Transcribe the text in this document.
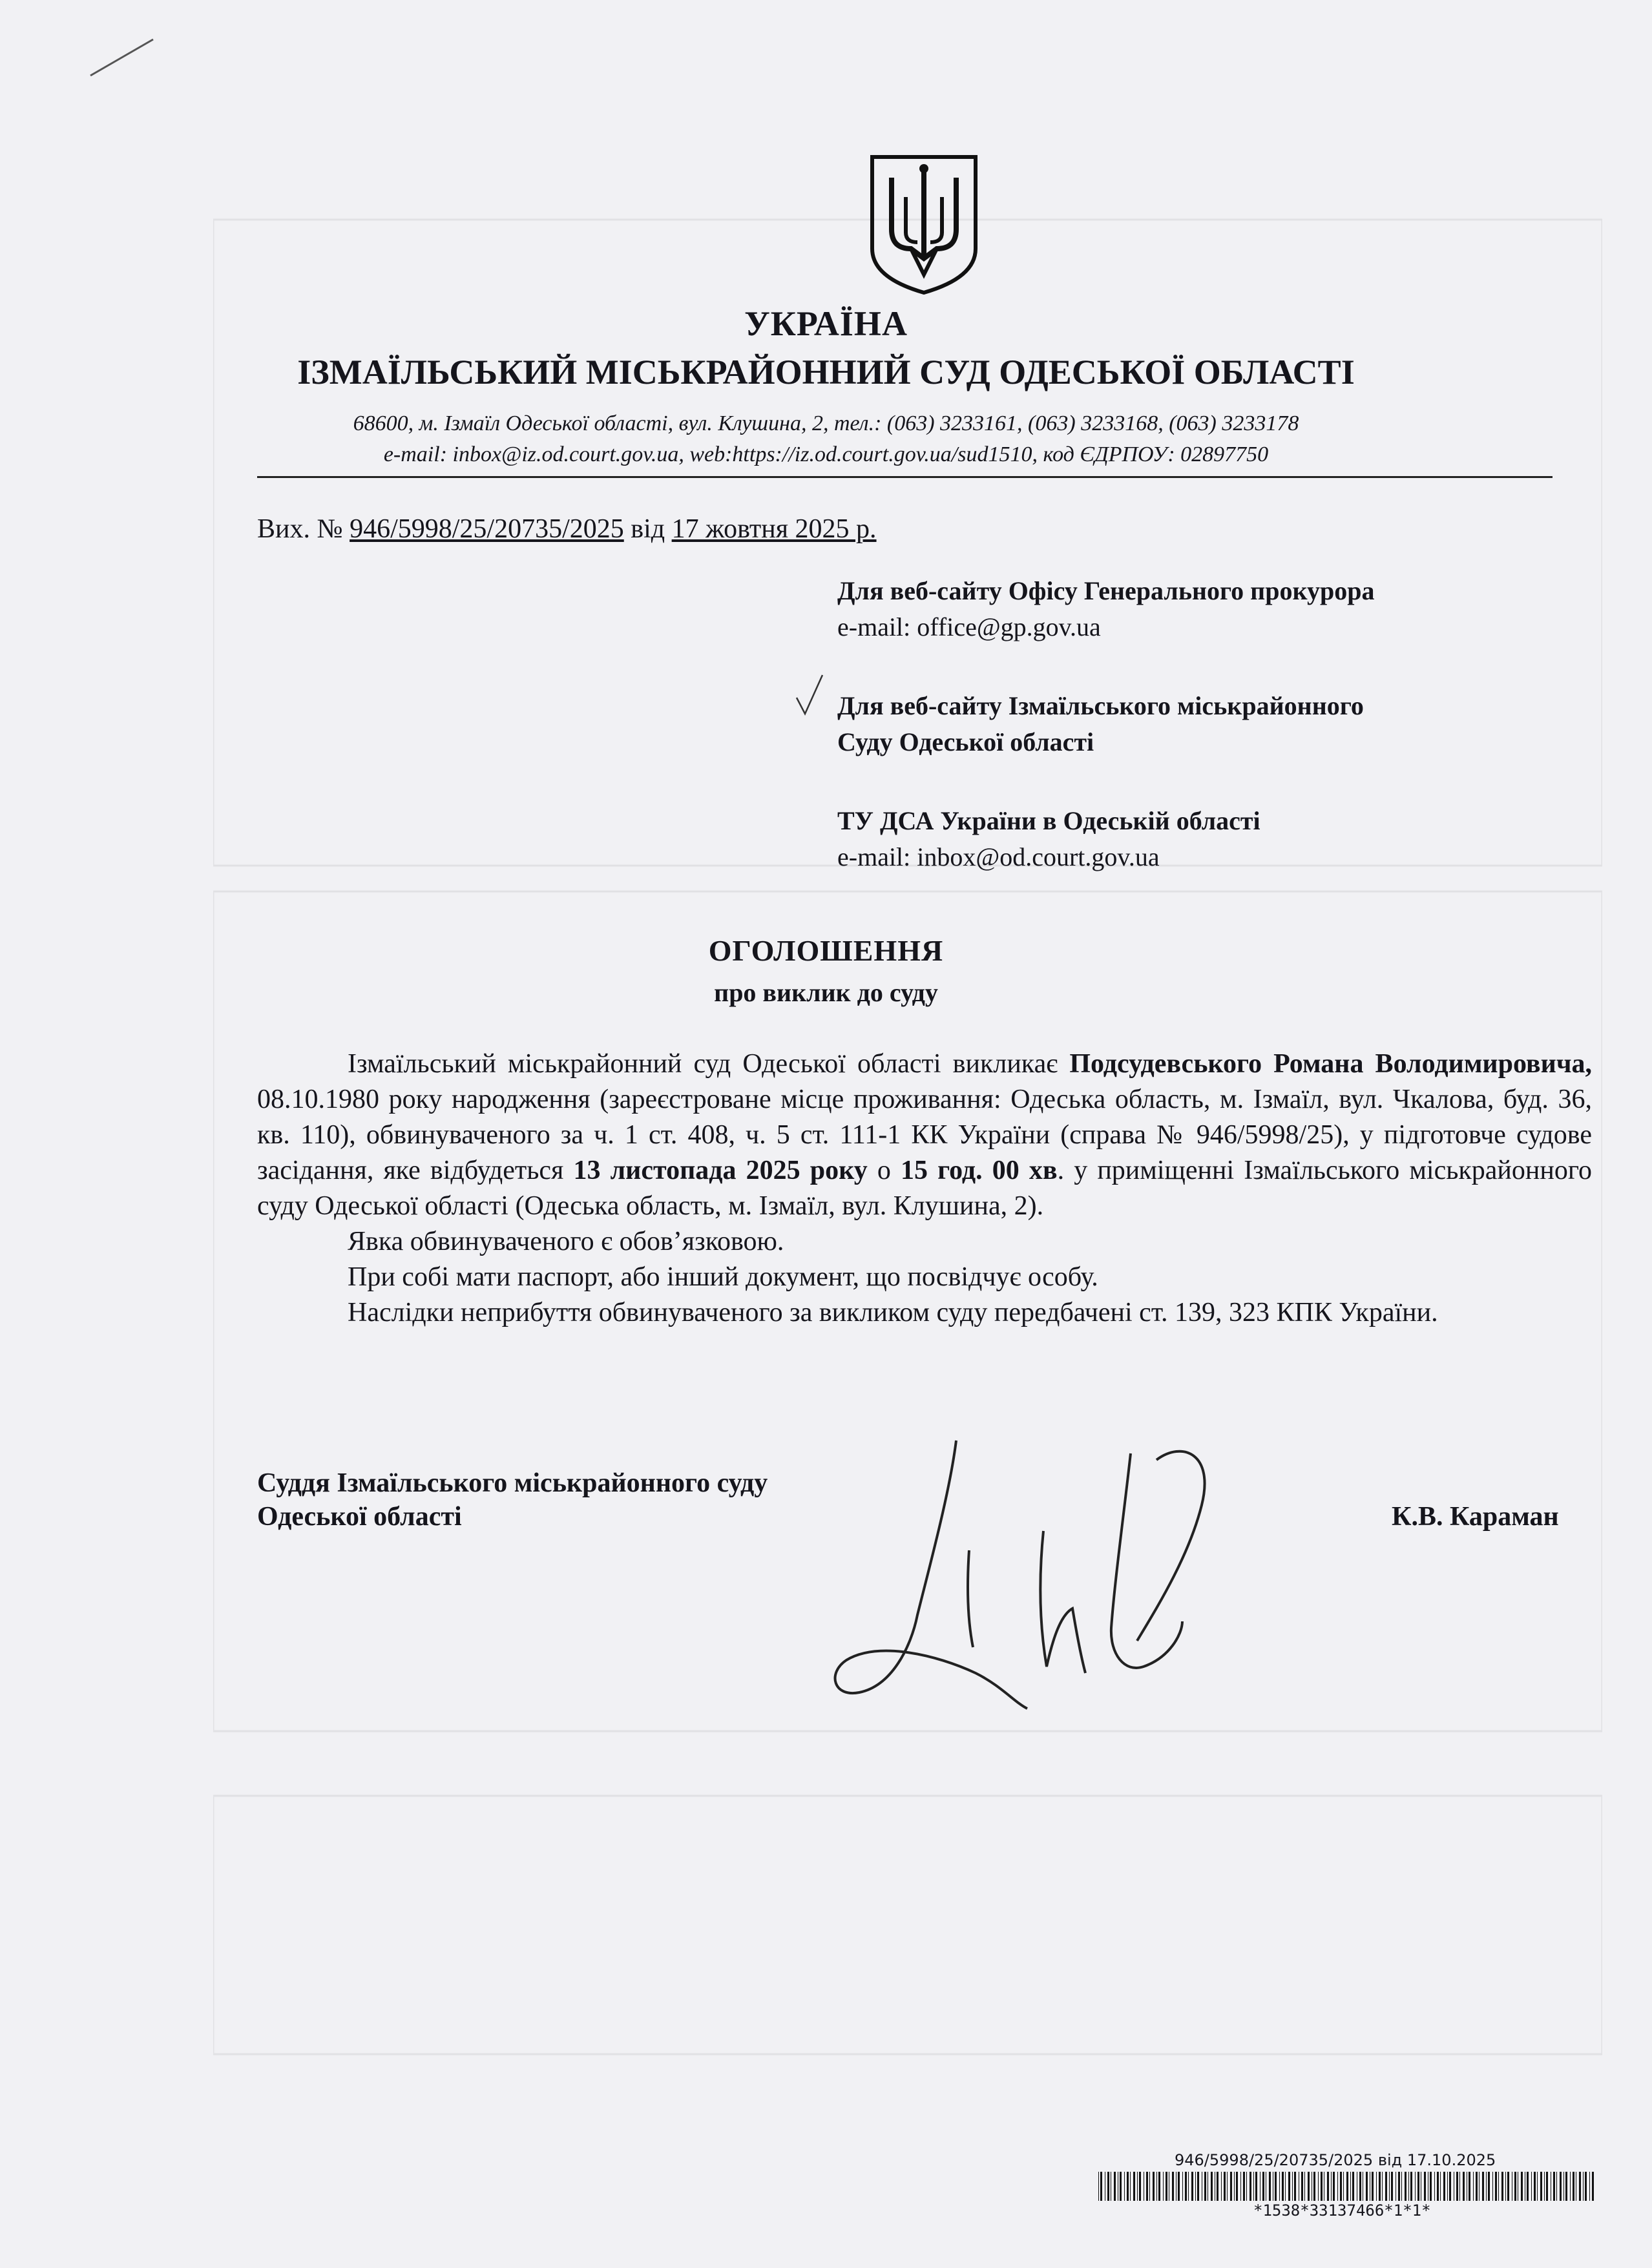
УКРАЇНА
ІЗМАЇЛЬСЬКИЙ МІСЬКРАЙОННИЙ СУД ОДЕСЬКОЇ ОБЛАСТІ
68600, м. Ізмаїл Одеської області, вул. Клушина, 2, тел.: (063) 3233161, (063) 3233168, (063) 3233178
e-mail: inbox@iz.od.court.gov.ua, web:https://iz.od.court.gov.ua/sud1510, код ЄДРПОУ: 02897750
Вих. № 946/5998/25/20735/2025 від 17 жовтня 2025 р.
Для веб-сайту Офісу Генерального прокурора
e-mail: office@gp.gov.ua
Для веб-сайту Ізмаїльського міськрайонного
Суду Одеської області
ТУ ДСА України в Одеській області
e-mail: inbox@od.court.gov.ua
ОГОЛОШЕННЯ
про виклик до суду

Ізмаїльський міськрайонний суд Одеської області викликає Подсудевського Романа Володимировича, 08.10.1980 року народження (зареєстроване місце проживання: Одеська область, м. Ізмаїл, вул. Чкалова, буд. 36, кв. 110), обвинуваченого за ч. 1 ст. 408, ч. 5 ст. 111-1 КК України (справа № 946/5998/25), у підготовче судове засідання, яке відбудеться 13 листопада 2025 року о 15 год. 00 хв. у приміщенні Ізмаїльського міськрайонного суду Одеської області (Одеська область, м. Ізмаїл, вул. Клушина, 2).

Явка обвинуваченого є обов’язковою.

При собі мати паспорт, або інший документ, що посвідчує особу.

Наслідки неприбуття обвинуваченого за викликом суду передбачені ст. 139, 323 КПК України.

Суддя Ізмаїльського міськрайонного суду
Одеської області	К.В. Караман
946/5998/25/20735/2025 від 17.10.2025
*1538*33137466*1*1*
